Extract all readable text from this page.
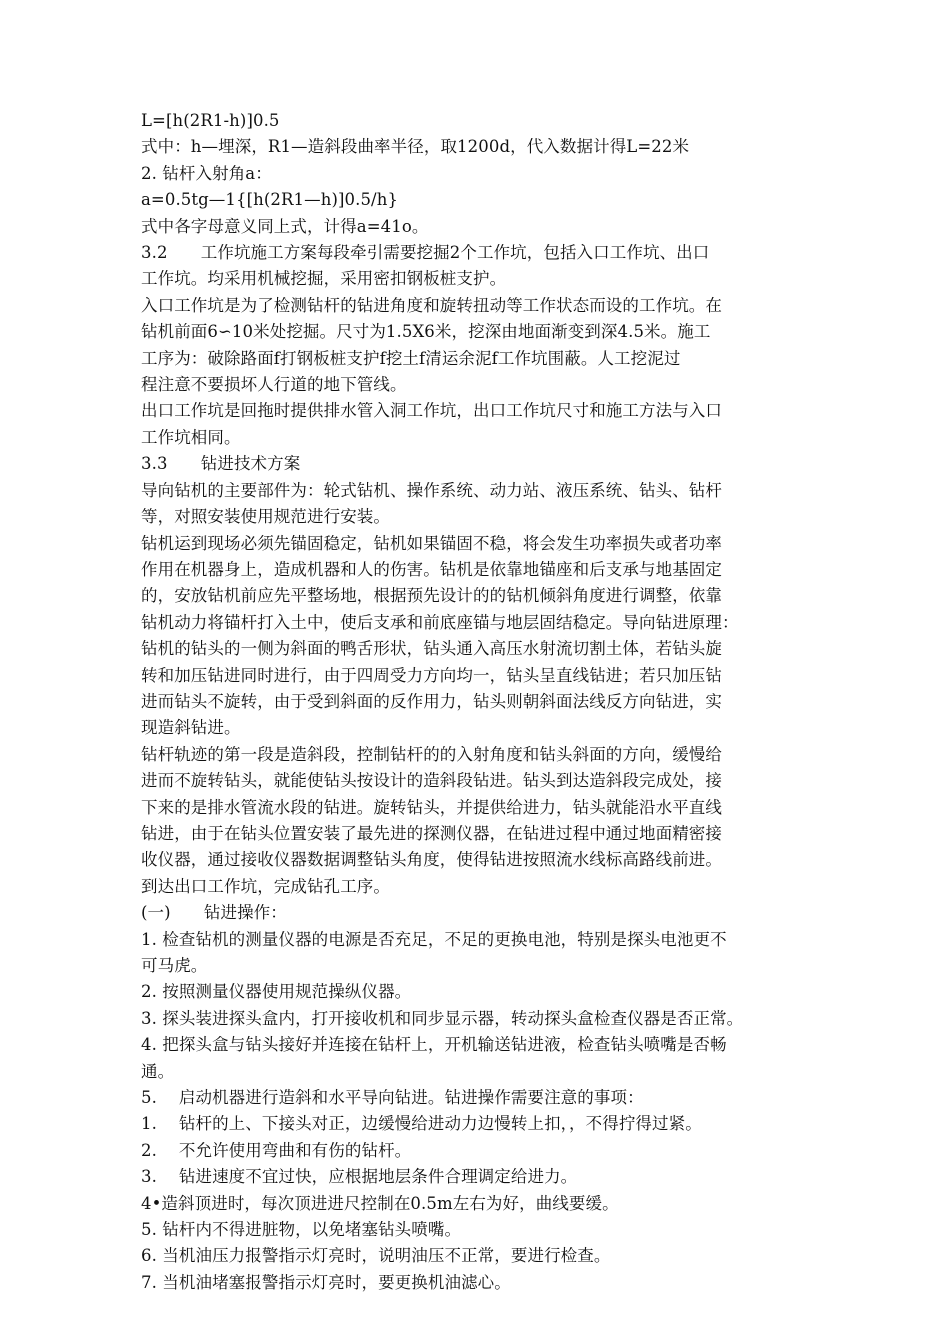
L=[h(2R1-h)]0.5
式中：h—埋深，R1—造斜段曲率半径，取1200d，代入数据计得L=22米
2. 钻杆入射角a：
a=0.5tg—1{[h(2R1—h)]0.5/h}
式中各字母意义同上式，计得a=41o。
3.2　　工作坑施工方案每段牵引需要挖掘2个工作坑，包括入口工作坑、出口
工作坑。均采用机械挖掘，采用密扣钢板桩支护。
入口工作坑是为了检测钻杆的钻进角度和旋转扭动等工作状态而设的工作坑。在
钻机前面6∽10米处挖掘。尺寸为1.5X6米，挖深由地面渐变到深4.5米。施工
工序为：破除路面f打钢板桩支护f挖土f清运余泥f工作坑围蔽。人工挖泥过
程注意不要损坏人行道的地下管线。
出口工作坑是回拖时提供排水管入洞工作坑，出口工作坑尺寸和施工方法与入口
工作坑相同。
3.3　　钻进技术方案
导向钻机的主要部件为：轮式钻机、操作系统、动力站、液压系统、钻头、钻杆
等，对照安装使用规范进行安装。
钻机运到现场必须先锚固稳定，钻机如果锚固不稳，将会发生功率损失或者功率
作用在机器身上，造成机器和人的伤害。钻机是依靠地锚座和后支承与地基固定
的，安放钻机前应先平整场地，根据预先设计的的钻机倾斜角度进行调整，依靠
钻机动力将锚杆打入土中，使后支承和前底座锚与地层固结稳定。导向钻进原理：
钻机的钻头的一侧为斜面的鸭舌形状，钻头通入高压水射流切割土体，若钻头旋
转和加压钻进同时进行，由于四周受力方向均一，钻头呈直线钻进；若只加压钻
进而钻头不旋转，由于受到斜面的反作用力，钻头则朝斜面法线反方向钻进，实
现造斜钻进。
钻杆轨迹的第一段是造斜段，控制钻杆的的入射角度和钻头斜面的方向，缓慢给
进而不旋转钻头，就能使钻头按设计的造斜段钻进。钻头到达造斜段完成处，接
下来的是排水管流水段的钻进。旋转钻头，并提供给进力，钻头就能沿水平直线
钻进，由于在钻头位置安装了最先进的探测仪器，在钻进过程中通过地面精密接
收仪器，通过接收仪器数据调整钻头角度，使得钻进按照流水线标高路线前进。
到达出口工作坑，完成钻孔工序。
(一)　　钻进操作：
1. 检查钻机的测量仪器的电源是否充足，不足的更换电池，特别是探头电池更不
可马虎。
2. 按照测量仪器使用规范操纵仪器。
3. 探头装进探头盒内，打开接收机和同步显示器，转动探头盒检查仪器是否正常。
4. 把探头盒与钻头接好并连接在钻杆上，开机输送钻进液，检查钻头喷嘴是否畅
通。
5.　 启动机器进行造斜和水平导向钻进。钻进操作需要注意的事项：
1.　 钻杆的上、下接头对正，边缓慢给进动力边慢转上扣，，不得拧得过紧。
2.　 不允许使用弯曲和有伤的钻杆。
3.　 钻进速度不宜过快，应根据地层条件合理调定给进力。
4•造斜顶进时，每次顶进进尺控制在0.5m左右为好，曲线要缓。
5. 钻杆内不得进脏物，以免堵塞钻头喷嘴。
6. 当机油压力报警指示灯亮时，说明油压不正常，要进行检查。
7. 当机油堵塞报警指示灯亮时，要更换机油滤心。
